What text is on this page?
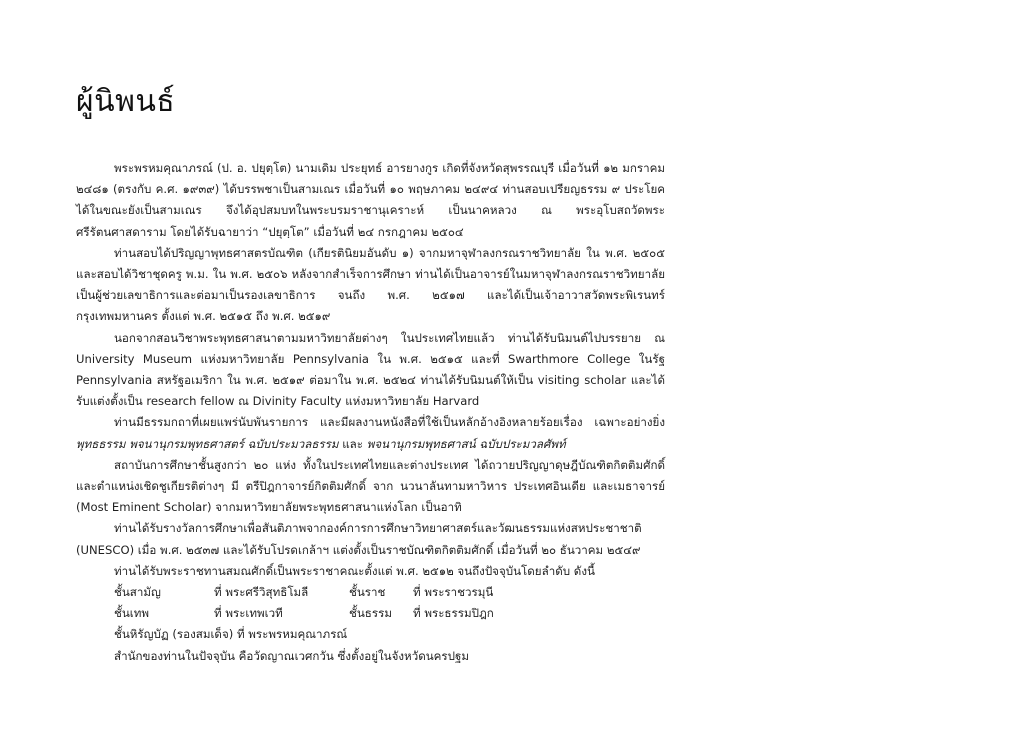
ผู้นิพนธ์

พระพรหมคุณาภรณ์ (ป. อ. ปยุตฺโต) นามเดิม ประยุทธ์ อารยางกูร เกิดที่จังหวัดสุพรรณบุรี เมื่อวันที่ ๑๒ มกราคม ๒๔๘๑ (ตรงกับ ค.ศ. ๑๙๓๙) ได้บรรพชาเป็นสามเณร เมื่อวันที่ ๑๐ พฤษภาคม ๒๔๙๔ ท่านสอบเปรียญธรรม ๙ ประโยค ได้ในขณะยังเป็นสามเณร จึงได้อุปสมบทในพระบรมราชานุเคราะห์ เป็นนาคหลวง ณ พระอุโบสถวัดพระศรีรัตนศาสดาราม โดยได้รับฉายาว่า “ปยุตฺโต” เมื่อวันที่ ๒๔ กรกฎาคม ๒๕๐๔

ท่านสอบได้ปริญญาพุทธศาสตรบัณฑิต (เกียรตินิยมอันดับ ๑) จากมหาจุฬาลงกรณราชวิทยาลัย ใน พ.ศ. ๒๕๐๕ และสอบได้วิชาชุดครู พ.ม. ใน พ.ศ. ๒๕๐๖ หลังจากสำเร็จการศึกษา ท่านได้เป็นอาจารย์ในมหาจุฬาลงกรณราชวิทยาลัย เป็นผู้ช่วยเลขาธิการและต่อมาเป็นรองเลขาธิการ จนถึง พ.ศ. ๒๕๑๗ และได้เป็นเจ้าอาวาสวัดพระพิเรนทร์ กรุงเทพมหานคร ตั้งแต่ พ.ศ. ๒๕๑๕ ถึง พ.ศ. ๒๕๑๙

นอกจากสอนวิชาพระพุทธศาสนาตามมหาวิทยาลัยต่างๆ ในประเทศไทยแล้ว ท่านได้รับนิมนต์ไปบรรยาย ณ University Museum แห่งมหาวิทยาลัย Pennsylvania ใน พ.ศ. ๒๕๑๕ และที่ Swarthmore College ในรัฐ Pennsylvania สหรัฐอเมริกา ใน พ.ศ. ๒๕๑๙ ต่อมาใน พ.ศ. ๒๕๒๔ ท่านได้รับนิมนต์ให้เป็น visiting scholar และได้รับแต่งตั้งเป็น research fellow ณ Divinity Faculty แห่งมหาวิทยาลัย Harvard

ท่านมีธรรมกถาที่เผยแพร่นับพันรายการ และมีผลงานหนังสือที่ใช้เป็นหลักอ้างอิงหลายร้อยเรื่อง เฉพาะอย่างยิ่ง พุทธธรรม พจนานุกรมพุทธศาสตร์ ฉบับประมวลธรรม และ พจนานุกรมพุทธศาสน์ ฉบับประมวลศัพท์

สถาบันการศึกษาชั้นสูงกว่า ๒๐ แห่ง ทั้งในประเทศไทยและต่างประเทศ ได้ถวายปริญญาดุษฎีบัณฑิตกิตติมศักดิ์ และตำแหน่งเชิดชูเกียรติต่างๆ มี ตรีปิฎกาจารย์กิตติมศักดิ์ จาก นวนาลันทามหาวิหาร ประเทศอินเดีย และเมธาจารย์ (Most Eminent Scholar) จากมหาวิทยาลัยพระพุทธศาสนาแห่งโลก เป็นอาทิ

ท่านได้รับรางวัลการศึกษาเพื่อสันติภาพจากองค์การการศึกษาวิทยาศาสตร์และวัฒนธรรมแห่งสหประชาชาติ (UNESCO) เมื่อ พ.ศ. ๒๕๓๗ และได้รับโปรดเกล้าฯ แต่งตั้งเป็นราชบัณฑิตกิตติมศักดิ์ เมื่อวันที่ ๒๐ ธันวาคม ๒๕๔๙

ท่านได้รับพระราชทานสมณศักดิ์เป็นพระราชาคณะตั้งแต่ พ.ศ. ๒๕๑๒ จนถึงปัจจุบันโดยลำดับ ดังนี้

ชั้นสามัญ	ที่ พระศรีวิสุทธิโมลี	ชั้นราช	ที่ พระราชวรมุนี
ชั้นเทพ	ที่ พระเทพเวที	ชั้นธรรม	ที่ พระธรรมปิฎก
ชั้นหิรัญบัฏ (รองสมเด็จ) ที่ พระพรหมคุณาภรณ์
สำนักของท่านในปัจจุบัน คือวัดญาณเวศกวัน ซึ่งตั้งอยู่ในจังหวัดนครปฐม
